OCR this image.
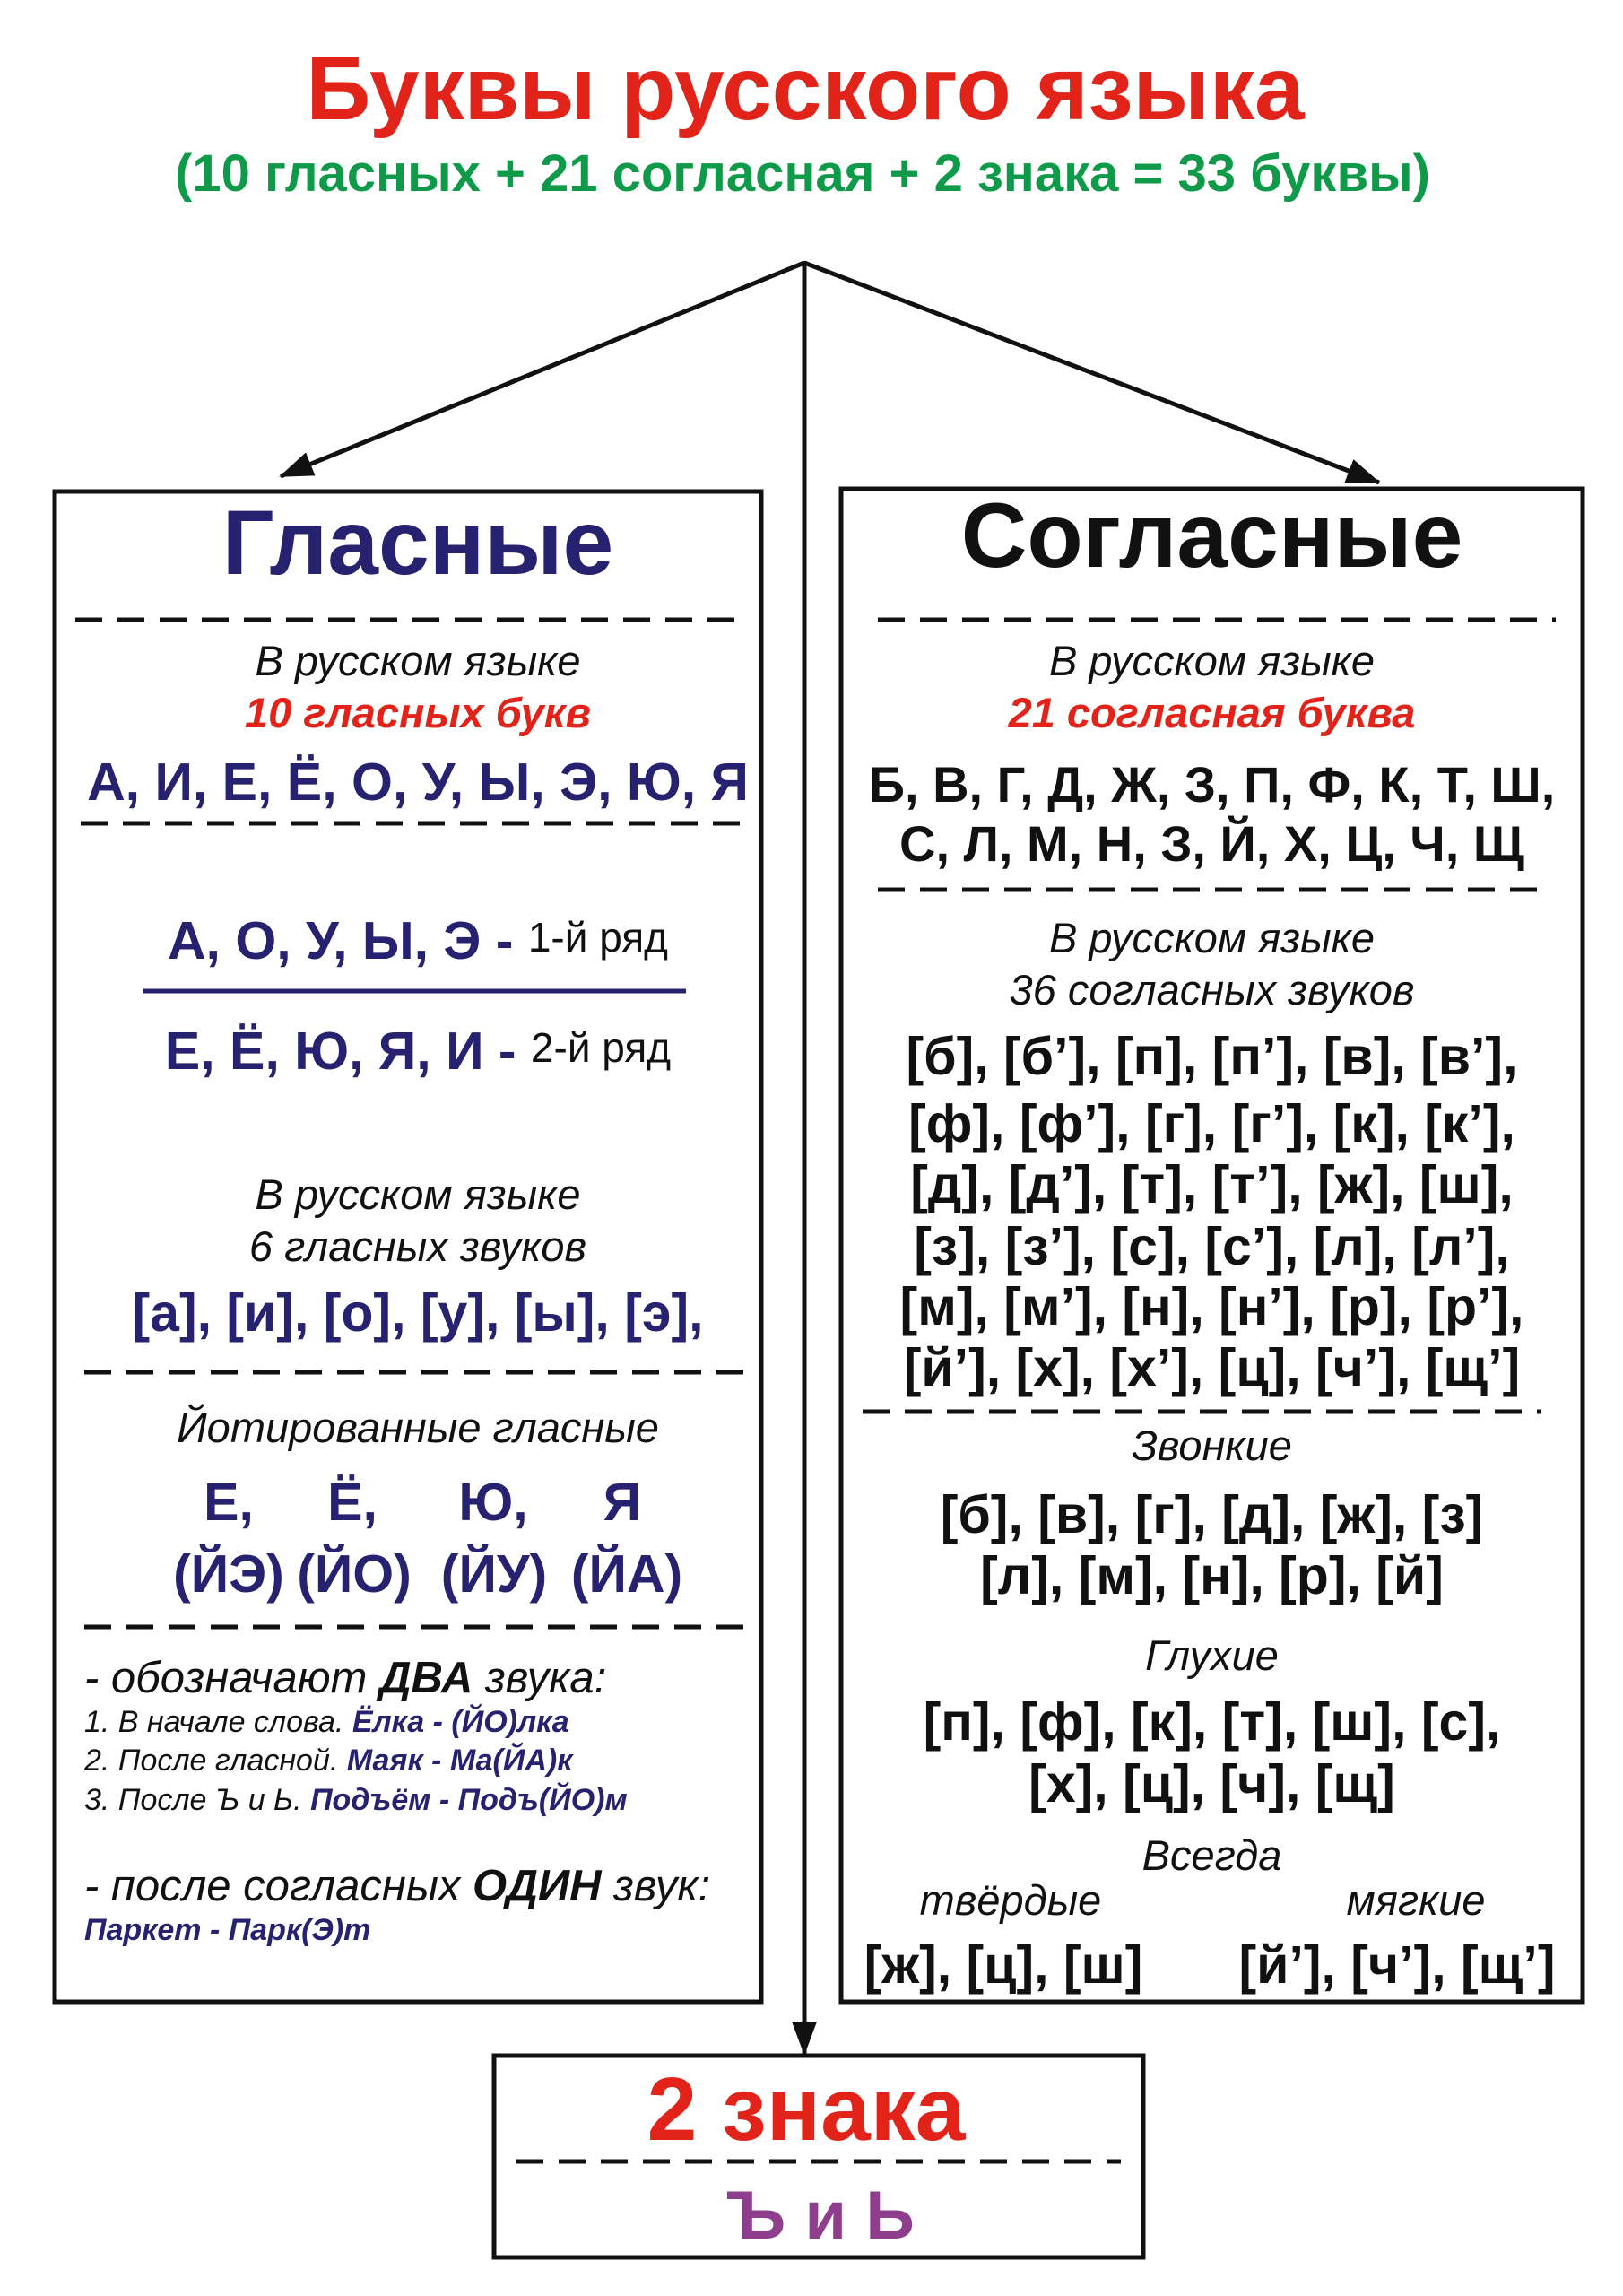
Буквы русского языка
(10 гласных + 21 согласная + 2 знака = 33 буквы)
Гласные
В русском языке
10 гласных букв
А, И, Е, Ё, О, У, Ы, Э, Ю, Я
А, О, У, Ы, Э - 1-й ряд
Е, Ё, Ю, Я, И - 2-й ряд
В русском языке
6 гласных звуков
[а], [и], [о], [у], [ы], [э],
Йотированные гласные
Е,	Ё,	Ю,	Я
(ЙЭ) (ЙО) (ЙУ) (ЙА)
- обозначают ДВА звука:
1. В начале слова. Ёлка - (ЙО)лка
2. После гласной. Маяк - Ма(ЙА)к
3. После Ъ и Ь. Подъём - Подъ(ЙО)м
- после согласных ОДИН звук:
Паркет - Парк(Э)т
Согласные
В русском языке
21 согласная буква
Б, В, Г, Д, Ж, З, П, Ф, К, Т, Ш,
С, Л, М, Н, З, Й, Х, Ц, Ч, Щ
В русском языке
36 согласных звуков
[б], [б’], [п], [п’], [в], [в’],
[ф], [ф’], [г], [г’], [к], [к’],
[д], [д’], [т], [т’], [ж], [ш],
[з], [з’], [с], [с’], [л], [л’],
[м], [м’], [н], [н’], [р], [р’],
[й’], [х], [х’], [ц], [ч’], [щ’]
Звонкие
[б], [в], [г], [д], [ж], [з]
[л], [м], [н], [р], [й]
Глухие
[п], [ф], [к], [т], [ш], [с],
[х], [ц], [ч], [щ]
Всегда
твёрдые	мягкие
[ж], [ц], [ш] [й’], [ч’], [щ’]
2 знака
Ъ и Ь
